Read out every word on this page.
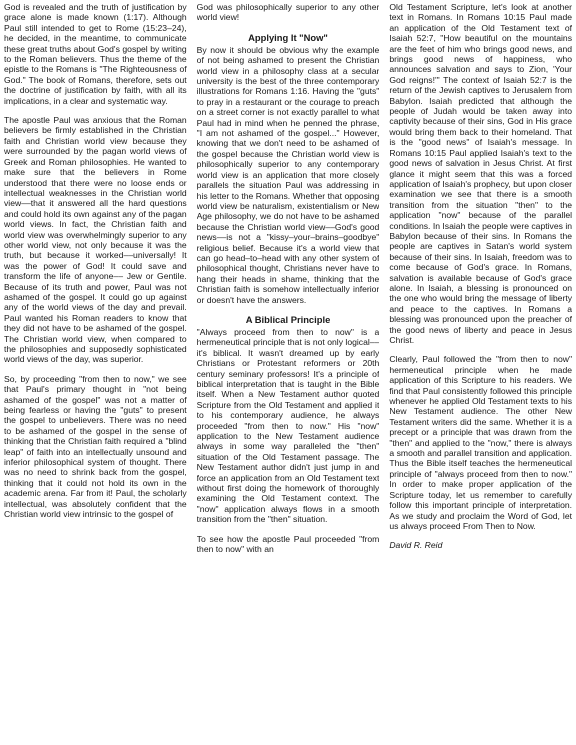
God is revealed and the truth of justification by grace alone is made known (1:17). Although Paul still intended to get to Rome (15:23–24), he decided, in the meantime, to communicate these great truths about God's gospel by writing to the Roman believers. Thus the theme of the epistle to the Romans is "The Righteousness of God." The book of Romans, therefore, sets out the doctrine of justification by faith, with all its implications, in a clear and systematic way.

The apostle Paul was anxious that the Roman believers be firmly established in the Christian faith and Christian world view because they were surrounded by the pagan world views of Greek and Roman philosophies. He wanted to make sure that the believers in Rome understood that there were no loose ends or intellectual weaknesses in the Christian world view––that it answered all the hard questions and could hold its own against any of the pagan world views. In fact, the Christian faith and world view was overwhelmingly superior to any other world view, not only because it was the truth, but because it worked––universally! It was the power of God! It could save and transform the life of anyone–– Jew or Gentile. Because of its truth and power, Paul was not ashamed of the gospel. It could go up against any of the world views of the day and prevail. Paul wanted his Roman readers to know that they did not have to be ashamed of the gospel. The Christian world view, when compared to the philosophies and supposedly sophisticated world views of the day, was superior.

So, by proceeding "from then to now," we see that Paul's primary thought in "not being ashamed of the gospel" was not a matter of being fearless or having the "guts" to present the gospel to unbelievers. There was no need to be ashamed of the gospel in the sense of thinking that the Christian faith required a "blind leap" of faith into an intellectually unsound and inferior philosophical system of thought. There was no need to shrink back from the gospel, thinking that it could not hold its own in the academic arena. Far from it! Paul, the scholarly intellectual, was absolutely confident that the Christian world view intrinsic to the gospel of

God was philosophically superior to any other world view!

Applying It "Now"

By now it should be obvious why the example of not being ashamed to present the Christian world view in a philosophy class at a secular university is the best of the three contemporary illustrations for Romans 1:16. Having the "guts" to pray in a restaurant or the courage to preach on a street corner is not exactly parallel to what Paul had in mind when he penned the phrase, "I am not ashamed of the gospel..." However, knowing that we don't need to be ashamed of the gospel because the Christian world view is philosophically superior to any contemporary world view is an application that more closely parallels the situation Paul was addressing in his letter to the Romans. Whether that opposing world view be naturalism, existentialism or New Age philosophy, we do not have to be ashamed because the Christian world view––God's good news––is not a "kissy–your–brains–goodbye" religious belief. Because it's a world view that can go head–to–head with any other system of philosophical thought, Christians never have to hang their heads in shame, thinking that the Christian faith is somehow intellectually inferior or doesn't have the answers.

A Biblical Principle

"Always proceed from then to now" is a hermeneutical principle that is not only logical––it's biblical. It wasn't dreamed up by early Christians or Protestant reformers or 20th century seminary professors! It's a principle of biblical interpretation that is taught in the Bible itself. When a New Testament author quoted Scripture from the Old Testament and applied it to his contemporary audience, he always proceeded "from then to now." His "now" application to the New Testament audience always in some way paralleled the "then" situation of the Old Testament passage. The New Testament author didn't just jump in and force an application from an Old Testament text without first doing the homework of thoroughly examining the Old Testament context. The "now" application always flows in a smooth transition from the "then" situation.

To see how the apostle Paul proceeded "from then to now" with an

Old Testament Scripture, let's look at another text in Romans. In Romans 10:15 Paul made an application of the Old Testament text of Isaiah 52:7, "How beautiful on the mountains are the feet of him who brings good news, and brings good news of happiness, who announces salvation and says to Zion, 'Your God reigns!'" The context of Isaiah 52:7 is the return of the Jewish captives to Jerusalem from Babylon. Isaiah predicted that although the people of Judah would be taken away into captivity because of their sins, God in His grace would bring them back to their homeland. That is the "good news" of Isaiah's message. In Romans 10:15 Paul applied Isaiah's text to the good news of salvation in Jesus Christ. At first glance it might seem that this was a forced application of Isaiah's prophecy, but upon closer examination we see that there is a smooth transition from the situation "then" to the application "now" because of the parallel conditions. In Isaiah the people were captives in Babylon because of their sins. In Romans the people are captives in Satan's world system because of their sins. In Isaiah, freedom was to come because of God's grace. In Romans, salvation is available because of God's grace alone. In Isaiah, a blessing is pronounced on the one who would bring the message of liberty and peace to the captives. In Romans a blessing was pronounced upon the preacher of the good news of liberty and peace in Jesus Christ.

Clearly, Paul followed the "from then to now" hermeneutical principle when he made application of this Scripture to his readers. We find that Paul consistently followed this principle whenever he applied Old Testament texts to his New Testament audience. The other New Testament writers did the same. Whether it is a precept or a principle that was drawn from the "then" and applied to the "now," there is always a smooth and parallel transition and application. Thus the Bible itself teaches the hermeneutical principle of "always proceed from then to now." In order to make proper application of the Scripture today, let us remember to carefully follow this important principle of interpretation. As we study and proclaim the Word of God, let us always proceed From Then to Now.

David R. Reid
